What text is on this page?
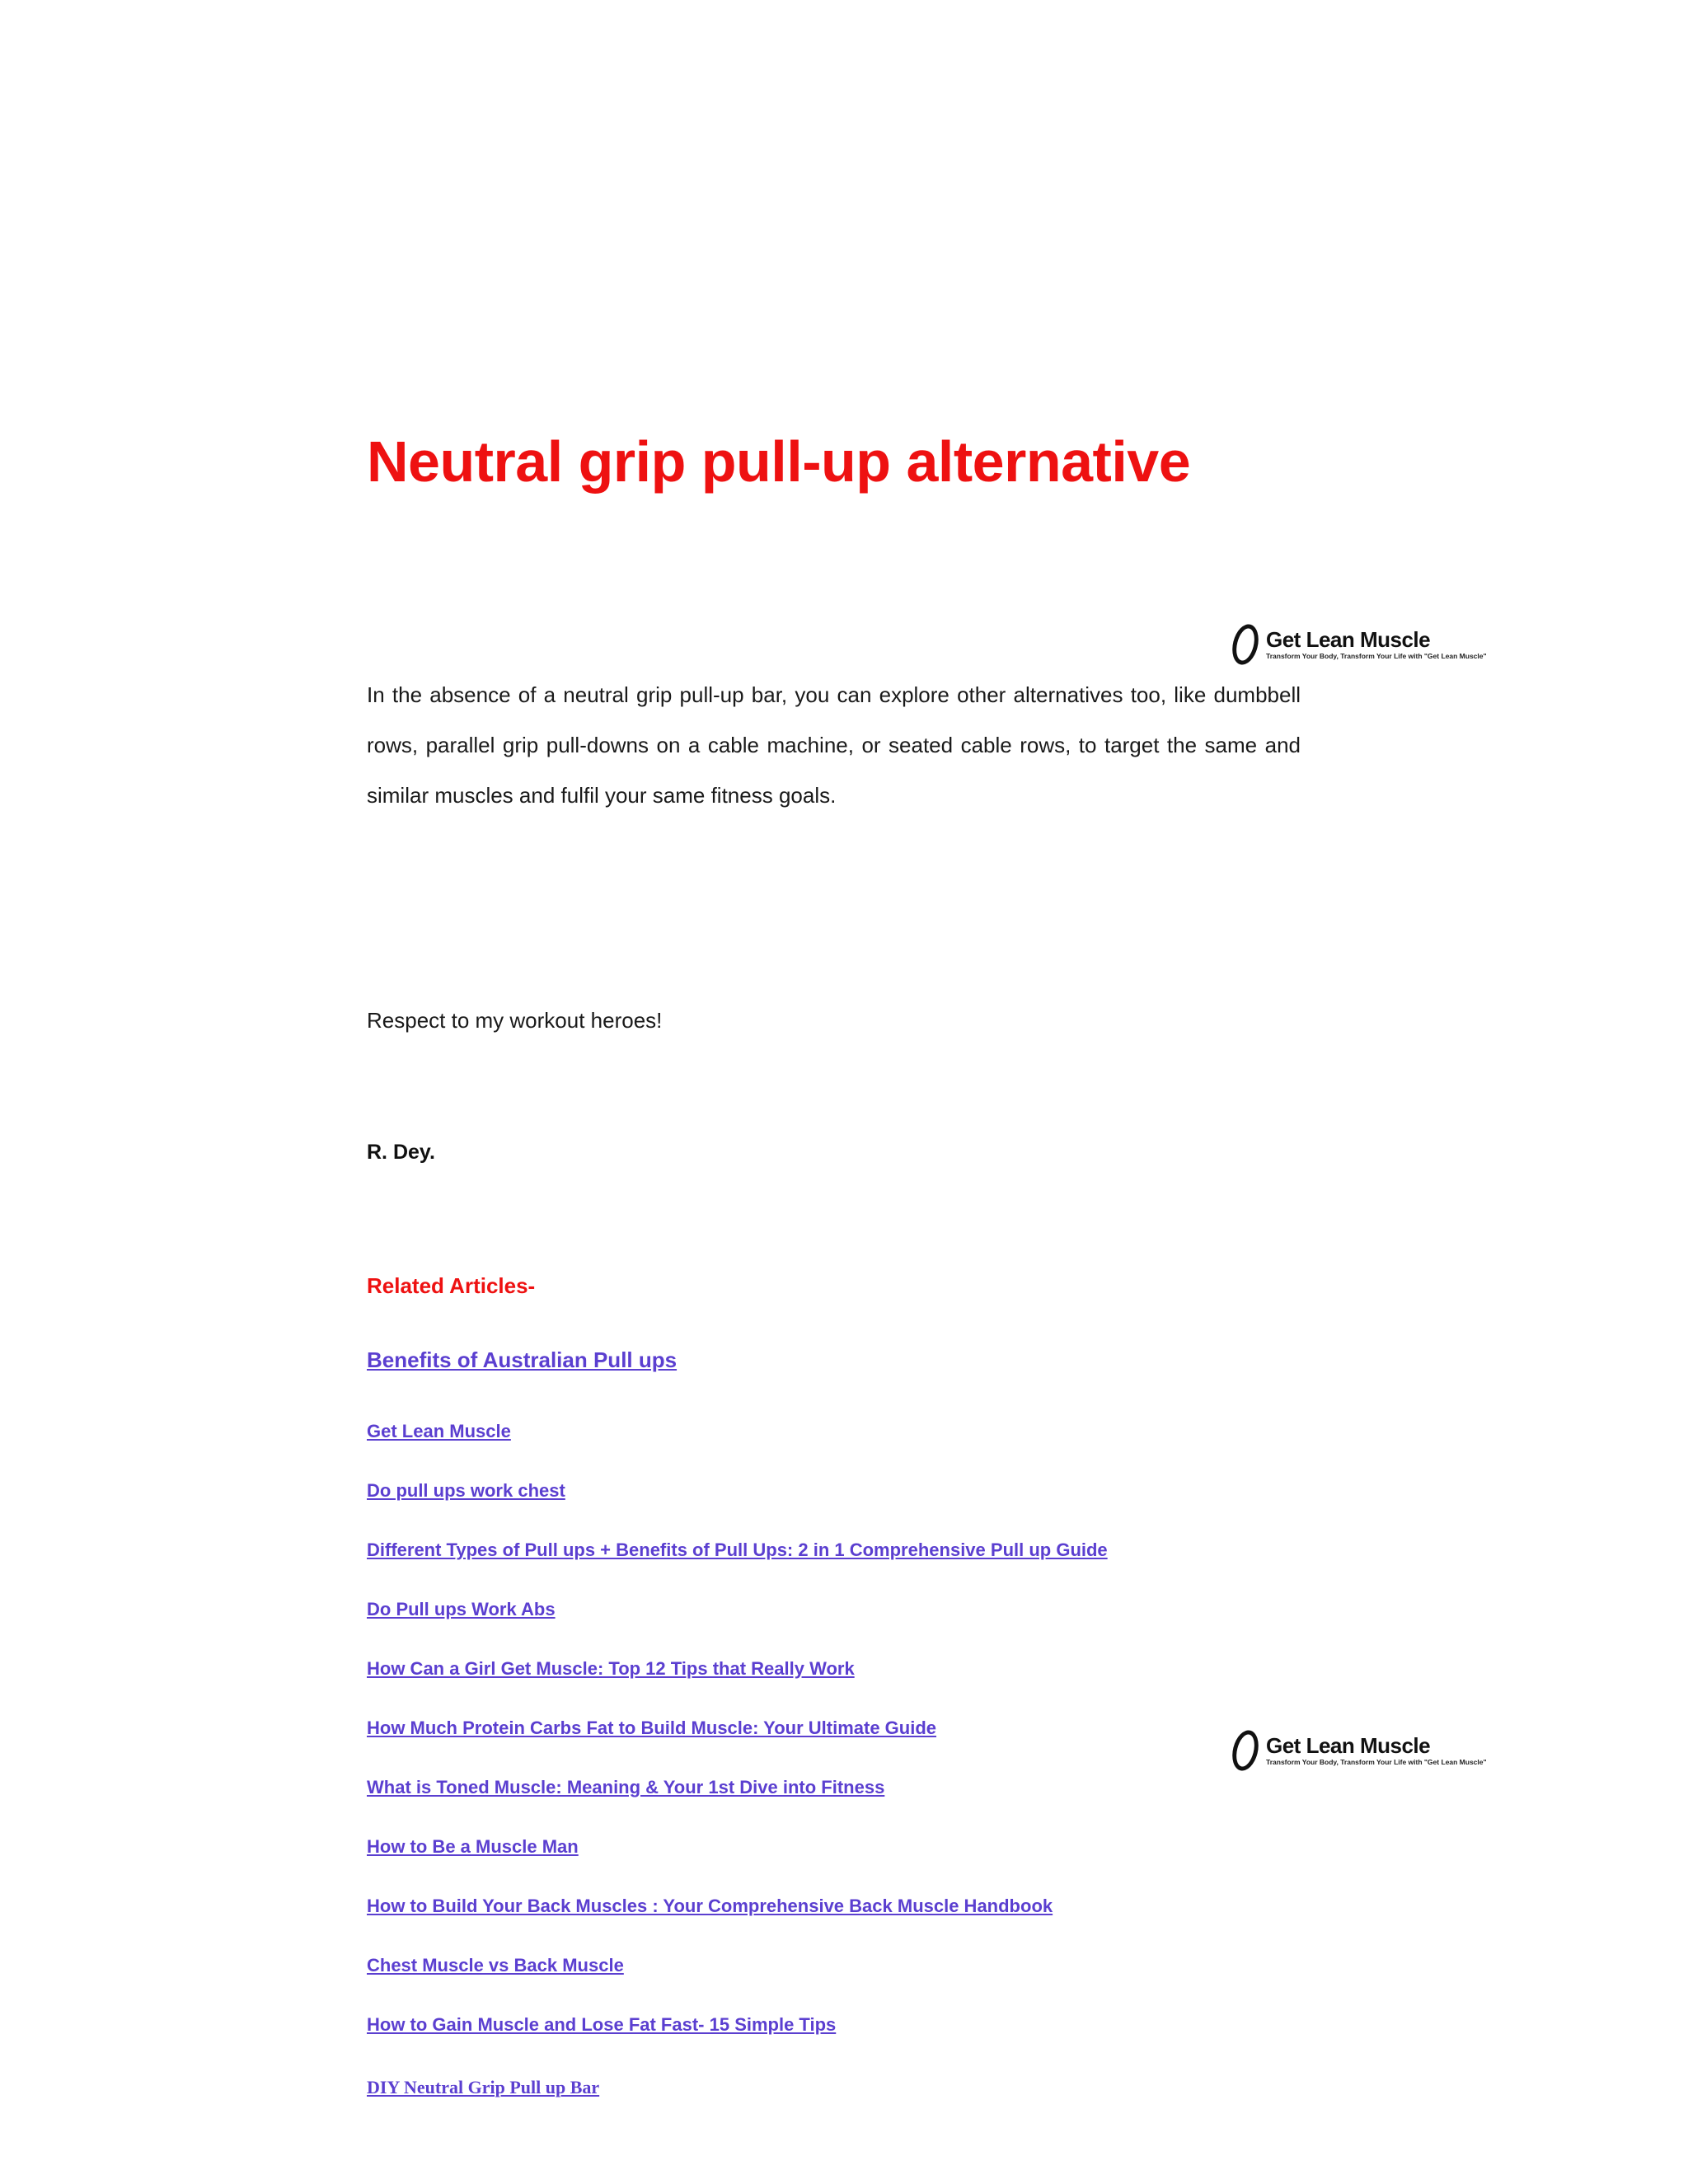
Neutral grip pull-up alternative
Get Lean Muscle
Transform Your Body, Transform Your Life with "Get Lean Muscle"

In the absence of a neutral grip pull-up bar, you can explore other alternatives too, like dumbbell rows, parallel grip pull-downs on a cable machine, or seated cable rows, to target the same and similar muscles and fulfil your same fitness goals.

Respect to my workout heroes!

R. Dey.

Related Articles-

Benefits of Australian Pull ups
Get Lean Muscle
Do pull ups work chest
Different Types of Pull ups + Benefits of Pull Ups: 2 in 1 Comprehensive Pull up Guide
Do Pull ups Work Abs
How Can a Girl Get Muscle: Top 12 Tips that Really Work
How Much Protein Carbs Fat to Build Muscle: Your Ultimate Guide
What is Toned Muscle: Meaning & Your 1st Dive into Fitness
How to Be a Muscle Man
How to Build Your Back Muscles : Your Comprehensive Back Muscle Handbook
Chest Muscle vs Back Muscle
How to Gain Muscle and Lose Fat Fast- 15 Simple Tips
Get Lean Muscle
Transform Your Body, Transform Your Life with "Get Lean Muscle"
DIY Neutral Grip Pull up Bar
